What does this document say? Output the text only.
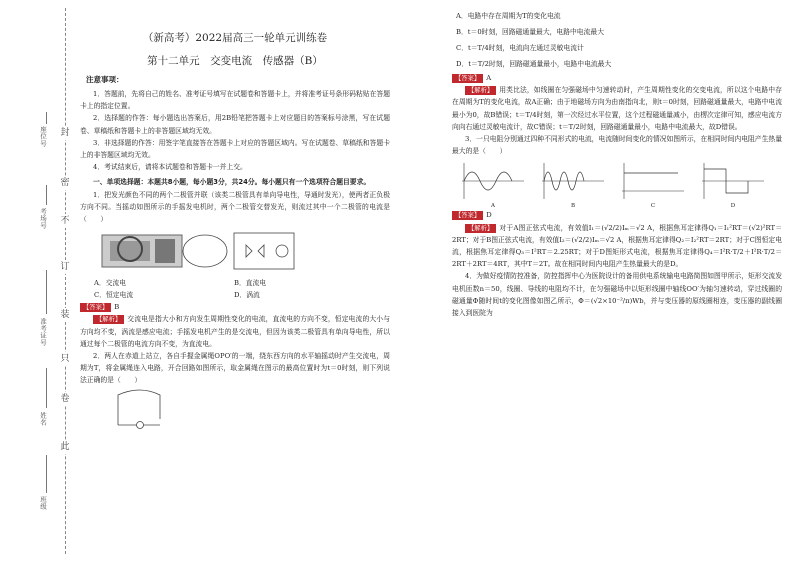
封
密
不
订
装
只
卷
此
座位号
考场号
准考证号
姓名
班级
（新高考）2022届高三一轮单元训练卷
第十二单元　交变电流　传感器（B）
注意事项：

1．答题前，先将自己的姓名、准考证号填写在试题卷和答题卡上，并将准考证号条形码粘贴在答题卡上的指定位置。

2．选择题的作答：每小题选出答案后，用2B铅笔把答题卡上对应题目的答案标号涂黑，写在试题卷、草稿纸和答题卡上的非答题区域均无效。

3．非选择题的作答：用签字笔直接答在答题卡上对应的答题区域内。写在试题卷、草稿纸和答题卡上的非答题区域均无效。

4．考试结束后，请将本试题卷和答题卡一并上交。

一、单项选择题：本题共8小题，每小题3分，共24分。每小题只有一个选项符合题目要求。

1．把发光颜色不同的两个二极管并联（该类二极管具有单向导电性，导通时发光），使两者正负极方向不同。当摇动如图所示的手摇发电机时，两个二极管交替发光，则流过其中一个二极管的电流是（　　）

A．交流电	B．直流电
C．恒定电流	D．涡流

【答案】 B

【解析】 交流电是指大小和方向发生周期性变化的电流，直流电的方向不变，恒定电流的大小与方向均不变，涡流是感应电流；手摇发电机产生的是交流电，但因为该类二极管具有单向导电性，所以通过每个二极管的电流方向不变，为直流电。

2．两人在赤道上站立，各自手握金属绳OPO′的一端，绕东西方向的水平轴摇动时产生交流电，周期为T，将金属绳连入电路，开合回路如图所示，取金属绳在图示的最高位置时为t＝0时刻，则下列说法正确的是（　　）

A．电路中存在周期为T的变化电流
B．t＝0时刻，回路磁通量最大，电路中电流最大
C．t＝T/4时刻，电流向左通过灵敏电流计
D．t＝T/2时刻，回路磁通量最小，电路中电流最大

【答案】 A

【解析】 用类比法，如线圈在匀强磁场中匀速转动时，产生周期性变化的交变电流，所以这个电路中存在周期为T的变化电流，故A正确；由于地磁场方向为由南指向北，则t＝0时刻，回路磁通量最大，电路中电流最小为0，故B错误；t＝T/4时刻，第一次经过水平位置，这个过程磁通量减小，由楞次定律可知，感应电流方向向右通过灵敏电流计，故C错误；t＝T/2时刻，回路磁通量最小，电路中电流最大，故D错误。

3．一只电阻分别通过四种不同形式的电流，电流随时间变化的情况如图所示，在相同时间内电阻产生热量最大的是（　　）

A	B	C	D

【答案】 D

【解析】 对于A图正弦式电流，有效值I₁＝(√2/2)Iₘ＝√2 A，根据焦耳定律得Q₁＝I₁²RT＝(√2)²RT＝2RT；对于B图正弦式电流，有效值I₂＝(√2/2)Iₘ＝√2 A，根据焦耳定律得Q₂＝I₂²RT＝2RT；对于C图恒定电流，根据焦耳定律得Q₃＝I²RT＝2.25RT；对于D图矩形式电流，根据焦耳定律得Q₄＝I²R·T/2＋I²R·T/2＝2RT＋2RT＝4RT，其中T＝2T。故在相同时间内电阻产生热量最大的是D。

4．为做好疫情防控准备，防控指挥中心为医院设计的备用供电系统输电电路简图如图甲所示，矩形交流发电机匝数n＝50，线圈、导线的电阻均不计，在匀强磁场中以矩形线圈中轴线OO′为轴匀速转动，穿过线圈的磁通量Φ随时间t的变化图像如图乙所示，Φ＝(√2×10⁻²/π)Wb，并与变压器的原线圈相连，变压器的副线圈接入到医院为
